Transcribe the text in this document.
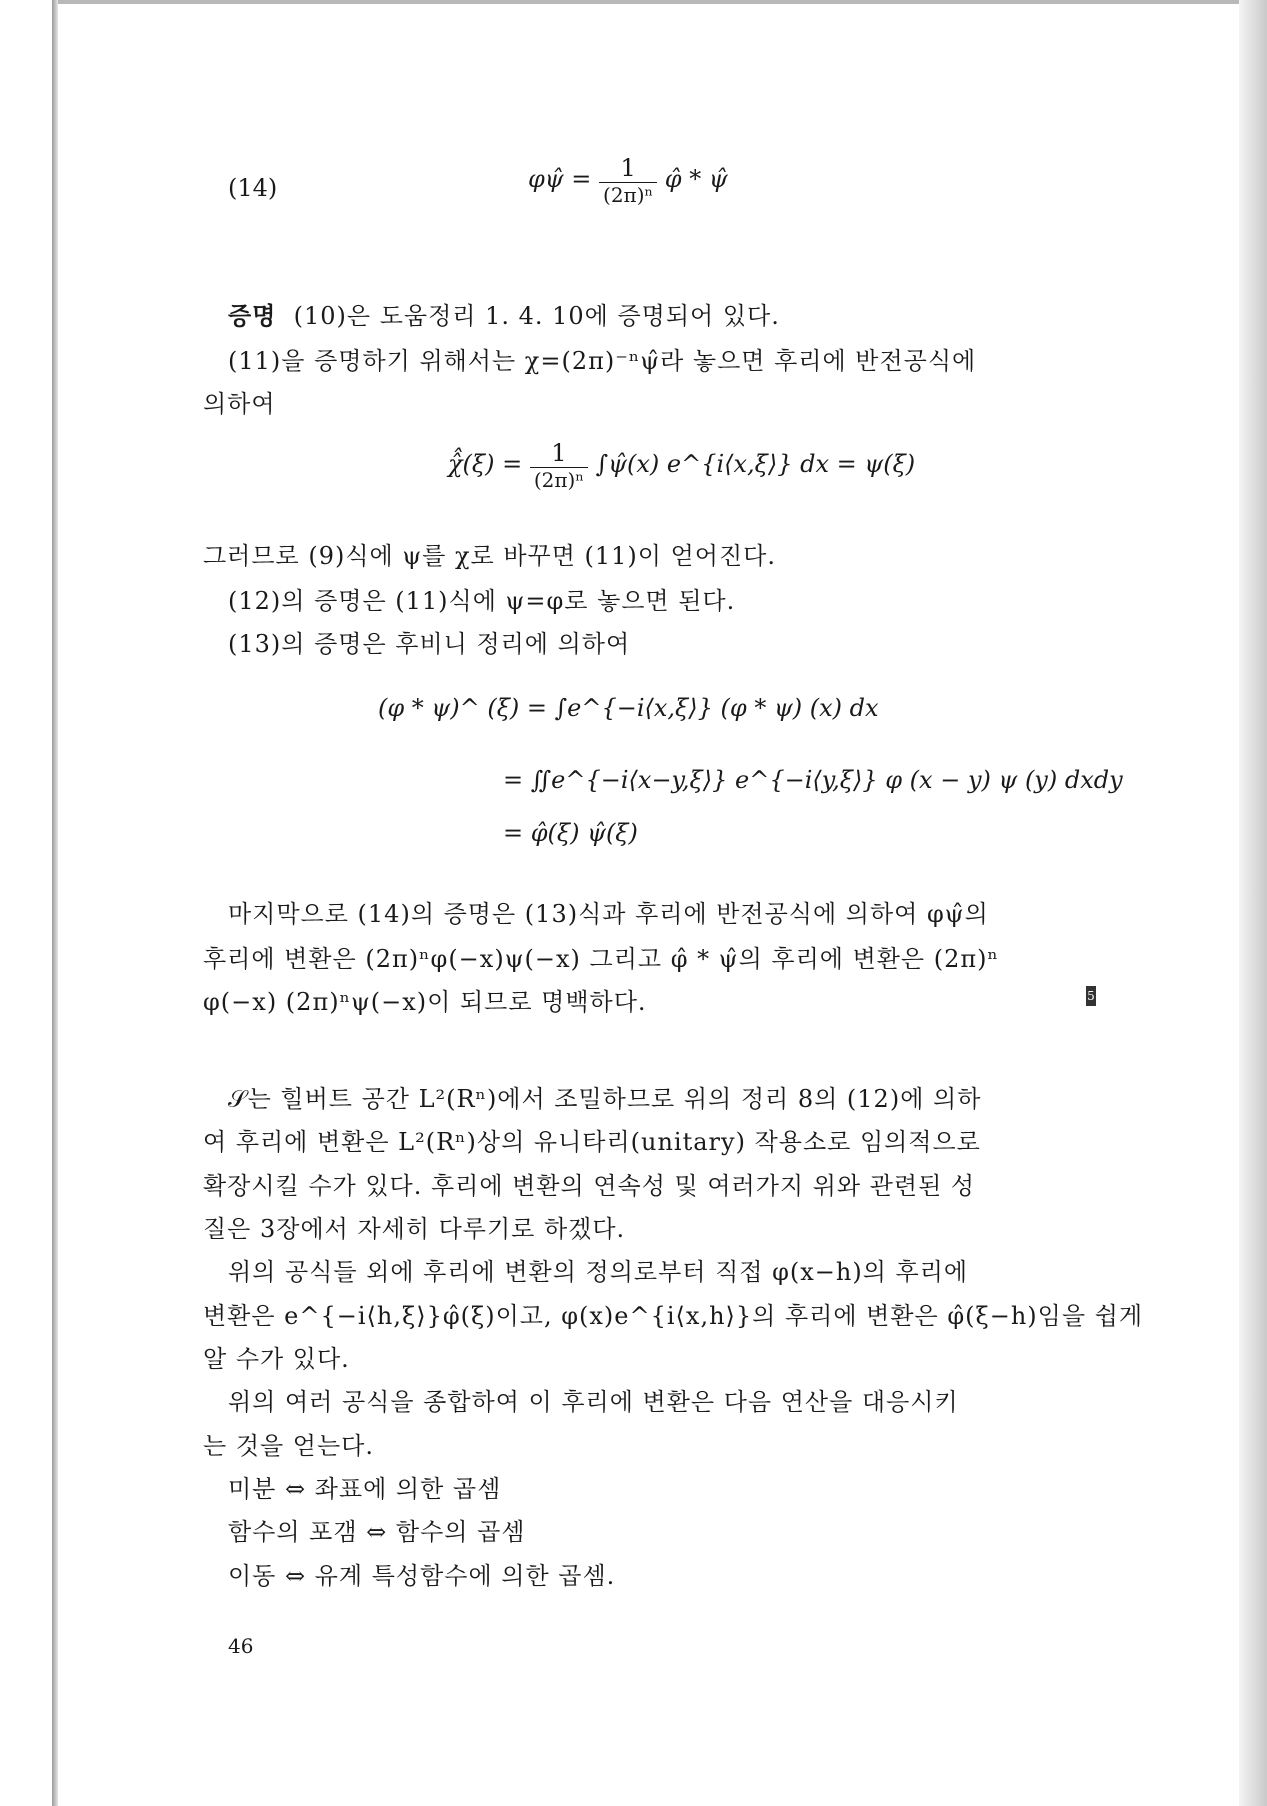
(14)	φψ̂ = $\frac{1}{\text{(2π)ⁿ}}$ φ̂ * ψ̂
증명 (10)은 도움정리 1. 4. 10에 증명되어 있다.
(11)을 증명하기 위해서는 χ=(2π)⁻ⁿψ̂라 놓으면 후리에 반전공식에
의하여
χ̂̂(ξ) = $\frac{1}{\text{(2π)ⁿ}}$ ∫ψ̂(x) e^{i⟨x,ξ⟩} dx = ψ(ξ)
그러므로 (9)식에 ψ를 χ로 바꾸면 (11)이 얻어진다.
(12)의 증명은 (11)식에 ψ=φ로 놓으면 된다.
(13)의 증명은 후비니 정리에 의하여
(φ * ψ)^ (ξ) = ∫e^{−i⟨x,ξ⟩} (φ * ψ) (x) dx
= ∬e^{−i⟨x−y,ξ⟩} e^{−i⟨y,ξ⟩} φ (x − y) ψ (y) dxdy
= φ̂(ξ) ψ̂(ξ)
마지막으로 (14)의 증명은 (13)식과 후리에 반전공식에 의하여 φψ̂의
후리에 변환은 (2π)ⁿφ(−x)ψ(−x) 그리고 φ̂ * ψ̂의 후리에 변환은 (2π)ⁿ
φ(−x) (2π)ⁿψ(−x)이 되므로 명백하다.	5
𝒮는 힐버트 공간 L²(Rⁿ)에서 조밀하므로 위의 정리 8의 (12)에 의하
여 후리에 변환은 L²(Rⁿ)상의 유니타리(unitary) 작용소로 임의적으로
확장시킬 수가 있다. 후리에 변환의 연속성 및 여러가지 위와 관련된 성
질은 3장에서 자세히 다루기로 하겠다.
위의 공식들 외에 후리에 변환의 정의로부터 직접 φ(x−h)의 후리에
변환은 e^{−i⟨h,ξ⟩}φ̂(ξ)이고, φ(x)e^{i⟨x,h⟩}의 후리에 변환은 φ̂(ξ−h)임을 쉽게
알 수가 있다.
위의 여러 공식을 종합하여 이 후리에 변환은 다음 연산을 대응시키
는 것을 얻는다.
미분 ⇔ 좌표에 의한 곱셈
함수의 포갬 ⇔ 함수의 곱셈
이동 ⇔ 유계 특성함수에 의한 곱셈.
46
